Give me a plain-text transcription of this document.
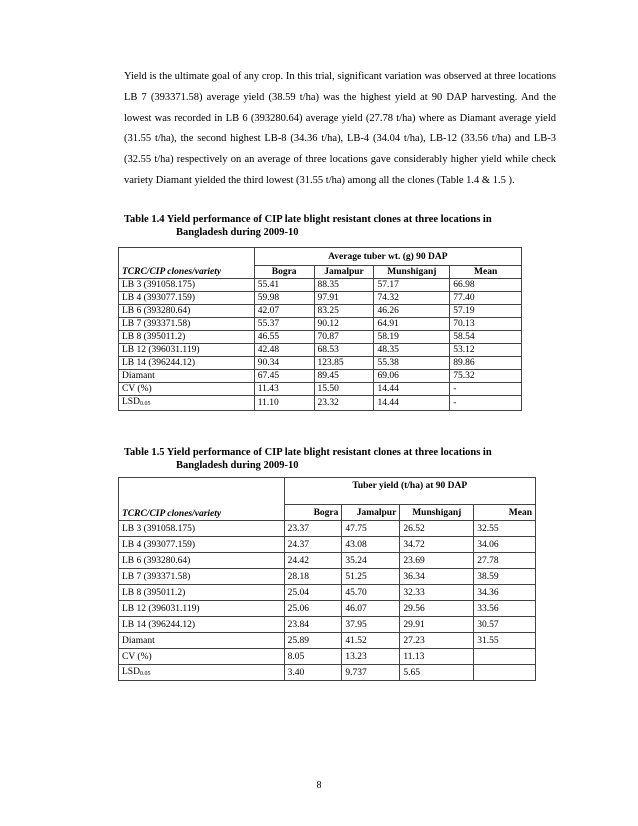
Yield is the ultimate goal of any crop. In this trial, significant variation was observed at three locations LB 7 (393371.58) average yield (38.59 t/ha) was the highest yield at 90 DAP harvesting. And the lowest was recorded in LB 6 (393280.64) average yield (27.78 t/ha) where as Diamant average yield (31.55 t/ha), the second highest LB-8 (34.36 t/ha), LB-4 (34.04 t/ha), LB-12 (33.56 t/ha) and LB-3 (32.55 t/ha) respectively on an average of three locations gave considerably higher yield while check variety Diamant yielded the third lowest (31.55 t/ha) among all the clones (Table 1.4 & 1.5 ).

Table 1.4 Yield performance of CIP late blight resistant clones at three locations in
Bangladesh during 2009-10

TCRC/CIP clones/variety	Average tuber wt. (g) 90 DAP			
	Bogra	Jamalpur	Munshiganj	Mean
LB 3 (391058.175)	55.41	88.35	57.17	66.98
LB 4 (393077.159)	59.98	97.91	74.32	77.40
LB 6 (393280.64)	42.07	83.25	46.26	57.19
LB 7 (393371.58)	55.37	90.12	64.91	70.13
LB 8 (395011.2)	46.55	70.87	58.19	58.54
LB 12 (396031.119)	42.48	68.53	48.35	53.12
LB 14 (396244.12)	90.34	123.85	55.38	89.86
Diamant	67.45	89.45	69.06	75.32
CV (%)	11.43	15.50	14.44	-
$LSD_{0.05}$	11.10	23.32	14.44	-

Table 1.5 Yield performance of CIP late blight resistant clones at three locations in
Bangladesh during 2009-10

TCRC/CIP clones/variety	Tuber yield (t/ha) at 90 DAP			
	Bogra	Jamalpur	Munshiganj	Mean
LB 3 (391058.175)	23.37	47.75	26.52	32.55
LB 4 (393077.159)	24.37	43.08	34.72	34.06
LB 6 (393280.64)	24.42	35.24	23.69	27.78
LB 7 (393371.58)	28.18	51.25	36.34	38.59
LB 8 (395011.2)	25.04	45.70	32.33	34.36
LB 12 (396031.119)	25.06	46.07	29.56	33.56
LB 14 (396244.12)	23.84	37.95	29.91	30.57
Diamant	25.89	41.52	27.23	31.55
CV (%)	8.05	13.23	11.13	
$LSD_{0.05}$	3.40	9.737	5.65	
8
